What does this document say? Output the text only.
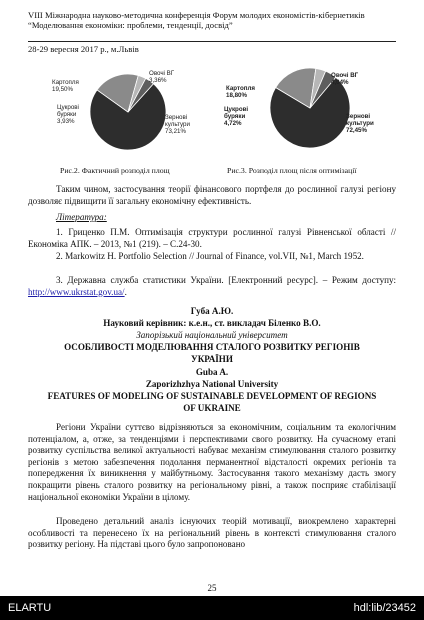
VIII Міжнародна науково-методична конференція Форум молодих економістів-кібернетиків
“Моделювання економіки: проблеми, тенденції, досвід”
28-29 вересня 2017 р., м.Львів
Картопля
19,50%
Овочі ВГ
3,36%
Цукрові
буряки
3,93%
Зернові
культури
73,21%
Рис.2. Фактичний розподіл площ
Картопля
18,80%
Овочі ВГ
4,04%
Цукрові
буряки
4,72%
Зернові
культури
72,45%
Рис.3. Розподіл площ після оптимізації
Таким чином, застосування теорії фінансового портфеля до рослинної галузі регіону дозволяє підвищити її загальну економічну ефективність.
Література:
1. Гриценко П.М. Оптимізація структури рослинної галузі Рівненської області // Економіка АПК. – 2013, №1 (219). – С.24-30.
2. Markowitz H. Portfolio Selection // Journal of Finance, vol.VII, №1, March 1952.
3. Державна служба статистики України. [Електронний ресурс]. – Режим доступу: http://www.ukrstat.gov.ua/.
Губа А.Ю.
Науковий керівник: к.е.н., ст. викладач Біленко В.О.
Запорізький національний університет
ОСОБЛИВОСТІ МОДЕЛЮВАННЯ СТАЛОГО РОЗВИТКУ РЕГІОНІВ УКРАЇНИ
Guba A.
Zaporizhzhya National University
FEATURES OF MODELING OF SUSTAINABLE DEVELOPMENT OF REGIONS OF UKRAINE
Регіони України суттєво відрізняються за економічним, соціальним та екологічним потенціалом, а, отже, за тенденціями і перспективами свого розвитку. На сучасному етапі розвитку суспільства великої актуальності набуває механізм стимулювання сталого розвитку регіонів з метою забезпечення подолання перманентної відсталості окремих регіонів та попередження їх виникнення у майбутньому. Застосування такого механізму дасть змогу покращити рівень сталого розвитку на регіональному рівні, а також посприяє стабілізації національної економіки України в цілому.
Проведено детальний аналіз існуючих теорій мотивації, виокремлено характерні особливості та перенесено їх на регіональний рівень в контексті стимулювання сталого розвитку регіону. На підставі цього було запропоновано
25
ELARTU	hdl:lib/23452
